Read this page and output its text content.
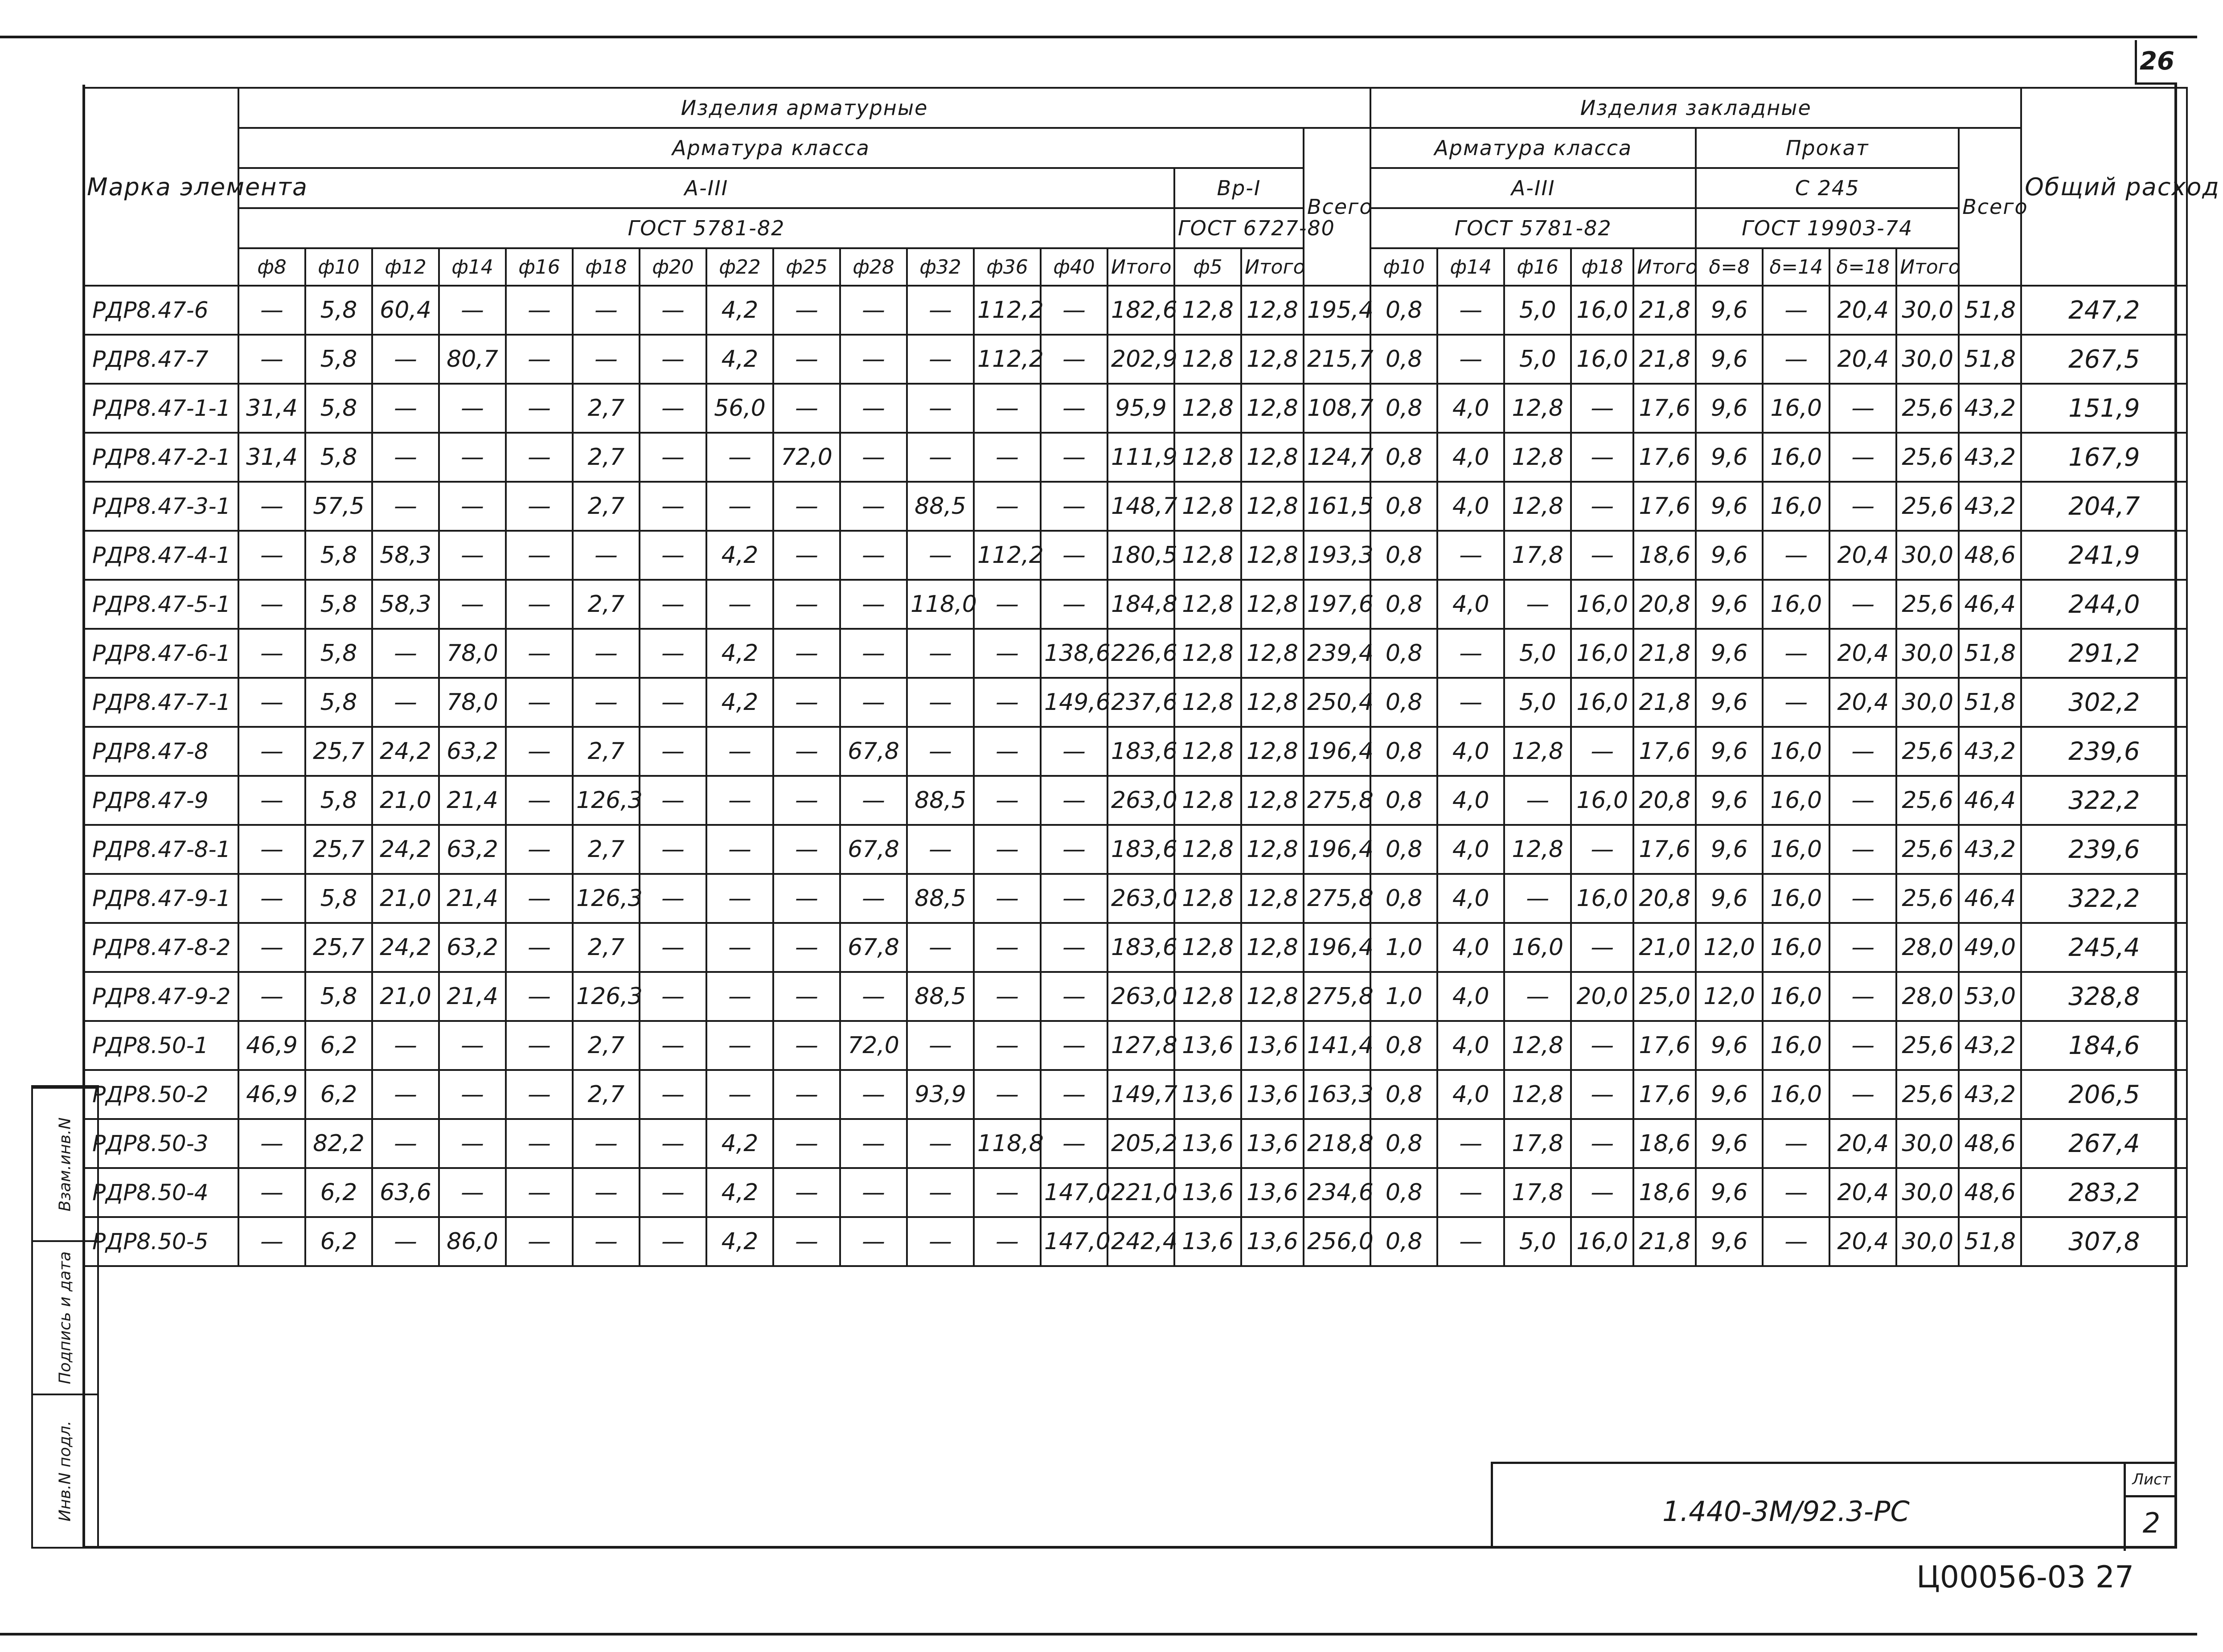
26
Марка элемента	Изделия арматурные																	Изделия закладные										Общий расход
	Арматура класса																Всего	Арматура класса					Прокат				Всего	
	А-III														Вр-I			А-III					С 245					
	ГОСТ 5781-82														ГОСТ 6727-80			ГОСТ 5781-82					ГОСТ 19903-74					
	ф8	ф10	ф12	ф14	ф16	ф18	ф20	ф22	ф25	ф28	ф32	ф36	ф40	Итого	ф5	Итого		ф10	ф14	ф16	ф18	Итого	δ=8	δ=14	δ=18	Итого		
РДР8.47-6	—	5,8	60,4	—	—	—	—	4,2	—	—	—	112,2	—	182,6	12,8	12,8	195,4	0,8	—	5,0	16,0	21,8	9,6	—	20,4	30,0	51,8	247,2
РДР8.47-7	—	5,8	—	80,7	—	—	—	4,2	—	—	—	112,2	—	202,9	12,8	12,8	215,7	0,8	—	5,0	16,0	21,8	9,6	—	20,4	30,0	51,8	267,5
РДР8.47-1-1	31,4	5,8	—	—	—	2,7	—	56,0	—	—	—	—	—	95,9	12,8	12,8	108,7	0,8	4,0	12,8	—	17,6	9,6	16,0	—	25,6	43,2	151,9
РДР8.47-2-1	31,4	5,8	—	—	—	2,7	—	—	72,0	—	—	—	—	111,9	12,8	12,8	124,7	0,8	4,0	12,8	—	17,6	9,6	16,0	—	25,6	43,2	167,9
РДР8.47-3-1	—	57,5	—	—	—	2,7	—	—	—	—	88,5	—	—	148,7	12,8	12,8	161,5	0,8	4,0	12,8	—	17,6	9,6	16,0	—	25,6	43,2	204,7
РДР8.47-4-1	—	5,8	58,3	—	—	—	—	4,2	—	—	—	112,2	—	180,5	12,8	12,8	193,3	0,8	—	17,8	—	18,6	9,6	—	20,4	30,0	48,6	241,9
РДР8.47-5-1	—	5,8	58,3	—	—	2,7	—	—	—	—	118,0	—	—	184,8	12,8	12,8	197,6	0,8	4,0	—	16,0	20,8	9,6	16,0	—	25,6	46,4	244,0
РДР8.47-6-1	—	5,8	—	78,0	—	—	—	4,2	—	—	—	—	138,6	226,6	12,8	12,8	239,4	0,8	—	5,0	16,0	21,8	9,6	—	20,4	30,0	51,8	291,2
РДР8.47-7-1	—	5,8	—	78,0	—	—	—	4,2	—	—	—	—	149,6	237,6	12,8	12,8	250,4	0,8	—	5,0	16,0	21,8	9,6	—	20,4	30,0	51,8	302,2
РДР8.47-8	—	25,7	24,2	63,2	—	2,7	—	—	—	67,8	—	—	—	183,6	12,8	12,8	196,4	0,8	4,0	12,8	—	17,6	9,6	16,0	—	25,6	43,2	239,6
РДР8.47-9	—	5,8	21,0	21,4	—	126,3	—	—	—	—	88,5	—	—	263,0	12,8	12,8	275,8	0,8	4,0	—	16,0	20,8	9,6	16,0	—	25,6	46,4	322,2
РДР8.47-8-1	—	25,7	24,2	63,2	—	2,7	—	—	—	67,8	—	—	—	183,6	12,8	12,8	196,4	0,8	4,0	12,8	—	17,6	9,6	16,0	—	25,6	43,2	239,6
РДР8.47-9-1	—	5,8	21,0	21,4	—	126,3	—	—	—	—	88,5	—	—	263,0	12,8	12,8	275,8	0,8	4,0	—	16,0	20,8	9,6	16,0	—	25,6	46,4	322,2
РДР8.47-8-2	—	25,7	24,2	63,2	—	2,7	—	—	—	67,8	—	—	—	183,6	12,8	12,8	196,4	1,0	4,0	16,0	—	21,0	12,0	16,0	—	28,0	49,0	245,4
РДР8.47-9-2	—	5,8	21,0	21,4	—	126,3	—	—	—	—	88,5	—	—	263,0	12,8	12,8	275,8	1,0	4,0	—	20,0	25,0	12,0	16,0	—	28,0	53,0	328,8
РДР8.50-1	46,9	6,2	—	—	—	2,7	—	—	—	72,0	—	—	—	127,8	13,6	13,6	141,4	0,8	4,0	12,8	—	17,6	9,6	16,0	—	25,6	43,2	184,6
РДР8.50-2	46,9	6,2	—	—	—	2,7	—	—	—	—	93,9	—	—	149,7	13,6	13,6	163,3	0,8	4,0	12,8	—	17,6	9,6	16,0	—	25,6	43,2	206,5
РДР8.50-3	—	82,2	—	—	—	—	—	4,2	—	—	—	118,8	—	205,2	13,6	13,6	218,8	0,8	—	17,8	—	18,6	9,6	—	20,4	30,0	48,6	267,4
РДР8.50-4	—	6,2	63,6	—	—	—	—	4,2	—	—	—	—	147,0	221,0	13,6	13,6	234,6	0,8	—	17,8	—	18,6	9,6	—	20,4	30,0	48,6	283,2
РДР8.50-5	—	6,2	—	86,0	—	—	—	4,2	—	—	—	—	147,0	242,4	13,6	13,6	256,0	0,8	—	5,0	16,0	21,8	9,6	—	20,4	30,0	51,8	307,8
Инв.N подл.
Подпись и дата
Взам.инв.N
1.440-3М/92.3-РС
Лист
2
Ц00056-03 27
